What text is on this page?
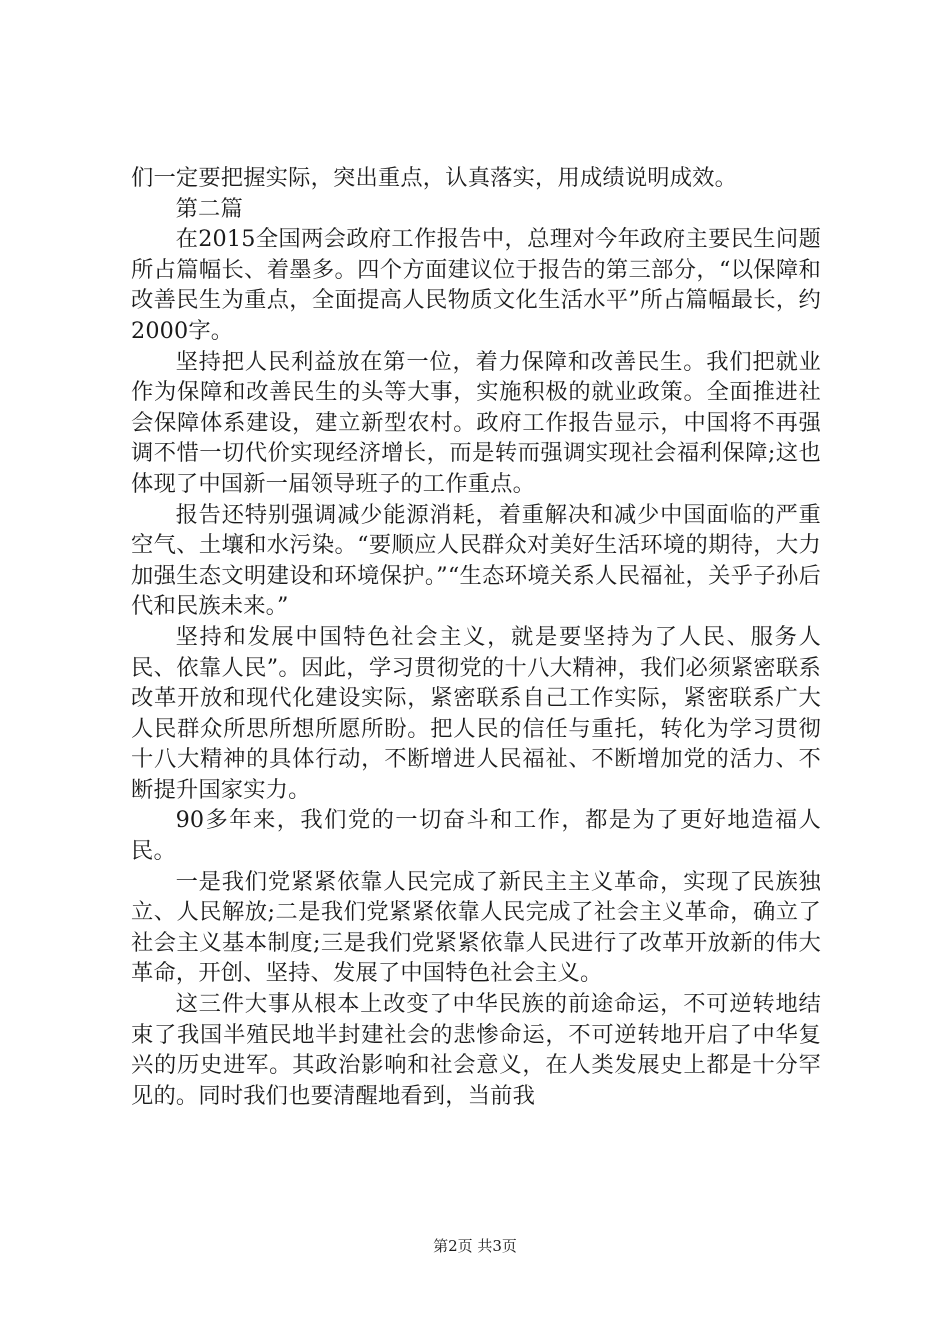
们一定要把握实际，突出重点，认真落实，用成绩说明成效。

第二篇

在2015全国两会政府工作报告中，总理对今年政府主要民生问题所占篇幅长、着墨多。四个方面建议位于报告的第三部分，“以保障和改善民生为重点，全面提高人民物质文化生活水平”所占篇幅最长，约2000字。

坚持把人民利益放在第一位，着力保障和改善民生。我们把就业作为保障和改善民生的头等大事，实施积极的就业政策。全面推进社会保障体系建设，建立新型农村。政府工作报告显示，中国将不再强调不惜一切代价实现经济增长，而是转而强调实现社会福利保障;这也体现了中国新一届领导班子的工作重点。

报告还特别强调减少能源消耗，着重解决和减少中国面临的严重空气、土壤和水污染。“要顺应人民群众对美好生活环境的期待，大力加强生态文明建设和环境保护。”“生态环境关系人民福祉，关乎子孙后代和民族未来。”

坚持和发展中国特色社会主义，就是要坚持为了人民、服务人民、依靠人民”。因此，学习贯彻党的十八大精神，我们必须紧密联系改革开放和现代化建设实际，紧密联系自己工作实际，紧密联系广大人民群众所思所想所愿所盼。把人民的信任与重托，转化为学习贯彻十八大精神的具体行动，不断增进人民福祉、不断增加党的活力、不断提升国家实力。

90多年来，我们党的一切奋斗和工作，都是为了更好地造福人民。

一是我们党紧紧依靠人民完成了新民主主义革命，实现了民族独立、人民解放;二是我们党紧紧依靠人民完成了社会主义革命，确立了社会主义基本制度;三是我们党紧紧依靠人民进行了改革开放新的伟大革命，开创、坚持、发展了中国特色社会主义。

这三件大事从根本上改变了中华民族的前途命运，不可逆转地结束了我国半殖民地半封建社会的悲惨命运，不可逆转地开启了中华复兴的历史进军。其政治影响和社会意义，在人类发展史上都是十分罕见的。同时我们也要清醒地看到，当前我

第2页 共3页
